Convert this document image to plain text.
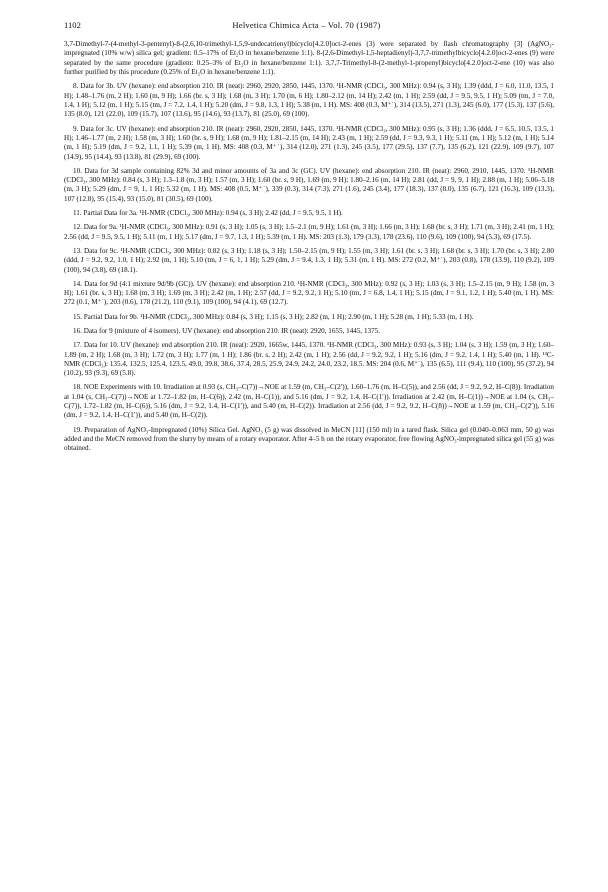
1102	Helvetica Chimica Acta – Vol. 70 (1987)

3,7-Dimethyl-7-(4-methyl-3-pentenyl)-8-(2,6,10-trimethyl-1,5,9-undecatrienyl)bicyclo[4.2.0]oct-2-enes (3) were separated by flash chromatography [3] (AgNO₃-impregnated (10% w/w) silica gel; gradient: 0.5–17% of Et₂O in hexane/benzene 1:1). 8-(2,6-Dimethyl-1,5-heptadienyl)-3,7,7-trimethylbicyclo[4.2.0]oct-2-enes (9) were separated by the same procedure (gradient: 0.25–3% of Et₂O in hexane/benzene 1:1). 3,7,7-Trimethyl-8-(2-methyl-1-propenyl)bicyclo[4.2.0]oct-2-ene (10) was also further purified by this procedure (0.25% of Et₂O in hexane/benzene 1:1).

8. Data for 3b. UV (hexane): end absorption 210. IR (neat): 2960, 2920, 2850, 1445, 1370. ¹H-NMR (CDCl₃, 300 MHz): 0.94 (s, 3 H); 1.39 (ddd, J = 6.0, 11.0, 13.5, 1 H); 1.48–1.76 (m, 2 H); 1.60 (m, 9 H); 1.66 (br. s, 3 H); 1.68 (m, 3 H); 1.70 (m, 6 H); 1.80–2.12 (m, 14 H); 2.42 (m, 1 H); 2.59 (dd, J = 9.5, 9.5, 1 H); 5.09 (tm, J = 7.0, 1.4, 1 H); 5.12 (m, 1 H); 5.15 (tm, J = 7.2, 1.4, 1 H); 5.20 (dm, J = 9.8, 1.3, 1 H); 5.38 (m, 1 H). MS: 408 (0.3, M⁺˙), 314 (13.5), 271 (1.3), 245 (6.0), 177 (15.3), 137 (5.6), 135 (8.0), 121 (22.0), 109 (15.7), 107 (13.6), 95 (14.6), 93 (13.7), 81 (25.0), 69 (100).

9. Data for 3c. UV (hexane): end absorption 210. IR (neat): 2960, 2920, 2850, 1445, 1370. ¹H-NMR (CDCl₃, 300 MHz): 0.95 (s, 3 H); 1.36 (ddd, J = 6.5, 10.5, 13.5, 1 H); 1.46–1.77 (m, 2 H); 1.58 (m, 3 H); 1.60 (br. s, 9 H); 1.68 (m, 9 H); 1.81–2.15 (m, 14 H); 2.43 (m, 1 H); 2.59 (dd, J = 9.3, 9.3, 1 H); 5.11 (m, 1 H); 5.12 (m, 1 H); 5.14 (m, 1 H); 5.19 (dm, J = 9.2, 1.1, 1 H); 5.39 (m, 1 H). MS: 408 (0.3, M⁺˙), 314 (12.0), 271 (1.3), 245 (3.5), 177 (29.5), 137 (7.7), 135 (6.2), 121 (22.9), 109 (9.7), 107 (14.9), 95 (14.4), 93 (13.8), 81 (29.9), 69 (100).

10. Data for 3d sample containing 82% 3d and minor amounts of 3a and 3c (GC). UV (hexane): end absorption 210. IR (neat): 2960, 2910, 1445, 1370. ¹H-NMR (CDCl₃, 300 MHz): 0.84 (s, 3 H); 1.3–1.8 (m, 3 H); 1.57 (m, 3 H); 1.60 (br. s, 9 H), 1.69 (m, 9 H); 1.80–2.16 (m, 14 H); 2.81 (dd, J = 9, 9, 1 H); 2.88 (m, 1 H); 5.06–5.18 (m, 3 H); 5.29 (dm, J = 9, 1, 1 H); 5.32 (m, 1 H). MS: 408 (0.5, M⁺˙), 339 (0.3), 314 (7.3), 271 (1.6), 245 (3.4), 177 (18.3), 137 (8.0), 135 (6.7), 121 (16.3), 109 (13.3), 107 (12.8), 95 (15.4), 93 (15.0), 81 (30.5), 69 (100).

11. Partial Data for 3a. ¹H-NMR (CDCl₃, 300 MHz): 0.94 (s, 3 H); 2.42 (dd, J = 9.5, 9.5, 1 H).

12. Data for 9a. ¹H-NMR (CDCl₃, 300 MHz): 0.91 (s, 3 H); 1.05 (s, 3 H); 1.5–2.1 (m, 9 H); 1.61 (m, 3 H); 1.66 (m, 3 H); 1.68 (br. s, 3 H); 1.71 (m, 3 H); 2.41 (m, 1 H); 2.56 (dd, J = 9.5, 9.5, 1 H); 5.11 (m, 1 H); 5.17 (dm, J = 9.7, 1.3, 1 H); 5.39 (m, 1 H). MS: 203 (1.3), 179 (3.3), 178 (23.6), 110 (9.6), 109 (100), 94 (5.3), 69 (17.5).

13. Data for 9c. ¹H-NMR (CDCl₃, 300 MHz): 0.82 (s, 3 H); 1.18 (s, 3 H); 1.50–2.15 (m, 9 H); 1.55 (m, 3 H); 1.61 (br. s, 3 H); 1.68 (br. s, 3 H); 1.70 (br. s, 3 H); 2.80 (ddd, J = 9.2, 9.2, 1.0, 1 H); 2.92 (m, 1 H); 5.10 (tm, J = 6, 1, 1 H); 5.29 (dm, J = 9.4, 1.3, 1 H); 5.31 (m, 1 H). MS: 272 (0.2, M⁺˙), 203 (0.8), 178 (13.9), 110 (9.2), 109 (100), 94 (3.8), 69 (18.1).

14. Data for 9d (4:1 mixture 9d/9b (GC)). UV (hexane): end absorption 210. ¹H-NMR (CDCl₃, 300 MHz): 0.92 (s, 3 H); 1.03 (s, 3 H); 1.5–2.15 (m, 9 H); 1.58 (m, 3 H); 1.61 (br. s, 3 H); 1.68 (m, 3 H); 1.69 (m, 3 H); 2.42 (m, 1 H); 2.57 (dd, J = 9.2, 9.2, 1 H); 5.10 (tm, J = 6.8, 1.4, 1 H); 5.15 (dm, J = 9.1, 1.2, 1 H); 5.40 (m, 1 H). MS: 272 (0.1, M⁺˙), 203 (0.6), 178 (21.2), 110 (9.1), 109 (100), 94 (4.1), 69 (12.7).

15. Partial Data for 9b. ¹H-NMR (CDCl₃, 300 MHz): 0.84 (s, 3 H); 1.15 (s, 3 H); 2.82 (m, 1 H); 2.90 (m, 1 H); 5.28 (m, 1 H); 5.33 (m, 1 H).

16. Data for 9 (mixture of 4 isomers). UV (hexane): end absorption 210. IR (neat): 2920, 1655, 1445, 1375.

17. Data for 10. UV (hexane): end absorption 210. IR (neat): 2920, 1665w, 1445, 1370. ¹H-NMR (CDCl₃, 300 MHz): 0.93 (s, 3 H); 1.04 (s, 3 H); 1.59 (m, 3 H); 1.60–1.89 (m, 2 H); 1.68 (m, 3 H); 1.72 (m, 3 H); 1.77 (m, 1 H); 1.86 (br. s, 2 H); 2.42 (m, 1 H); 2.56 (dd, J = 9.2, 9.2, 1 H); 5.16 (dm, J = 9.2, 1.4, 1 H); 5.40 (m, 1 H). ¹³C-NMR (CDCl₃): 135.4, 132.5, 125.4, 123.5, 49.0, 39.8, 38.6, 37.4, 28.5, 25.9, 24.9, 24.2, 24.0, 23.2, 18.5. MS: 204 (0.6, M⁺˙), 135 (6.5), 111 (9.4), 110 (100), 95 (37.2), 94 (10.2), 93 (9.3), 69 (5.8).

18. NOE Experiments with 10. Irradiation at 0.93 (s, CH₃–C(7))→NOE at 1.59 (m, CH₃–C(2′)), 1.60–1.76 (m, H–C(5)), and 2.56 (dd, J = 9.2, 9.2, H–C(8)). Irradiation at 1.04 (s, CH₃–C(7))→NOE at 1.72–1.82 (m, H–C(6)), 2.42 (m, H–C(1)), and 5.16 (dm, J = 9.2, 1.4, H–C(1′)). Irradiation at 2.42 (m, H–C(1))→NOE at 1.04 (s, CH₃–C(7)), 1.72–1.82 (m, H–C(6)), 5.16 (dm, J = 9.2, 1.4, H–C(1′)), and 5.40 (m, H–C(2)). Irradiation at 2.56 (dd, J = 9.2, 9.2, H–C(8))→NOE at 1.59 (m, CH₃–C(2′)), 5.16 (dm, J = 9.2, 1.4, H–C(1′)), and 5.40 (m, H–C(2)).

19. Preparation of AgNO₃-Impregnated (10%) Silica Gel. AgNO₃ (5 g) was dissolved in MeCN [11] (150 ml) in a tared flask. Silica gel (0.040–0.063 mm, 50 g) was added and the MeCN removed from the slurry by means of a rotary evaporator. After 4–5 h on the rotary evaporator, free flowing AgNO₃-impregnated silica gel (55 g) was obtained.
